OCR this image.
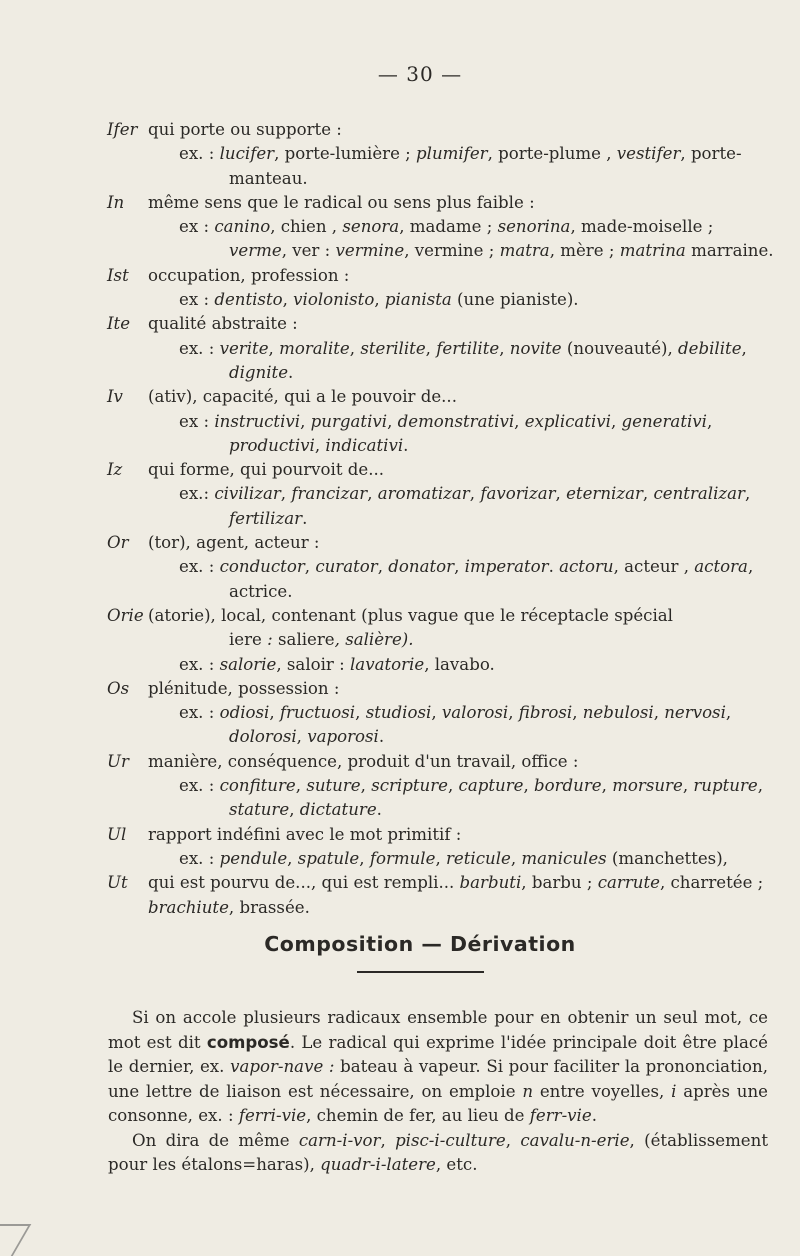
— 30 —
Ifer qui porte ou supporte :
ex. : lucifer, porte-lumière ; plumifer, porte-plume , vestifer, porte-manteau.
In	même sens que le radical ou sens plus faible :
ex : canino, chien , senora, madame ; senorina, made-moiselle ; verme, ver : vermine, vermine ; matra, mère ; matrina marraine.
Ist	occupation, profession :
ex : dentisto, violonisto, pianista (une pianiste).
Ite	qualité abstraite :
ex. : verite, moralite, sterilite, fertilite, novite (nouveauté), debilite, dignite.
Iv	(ativ), capacité, qui a le pouvoir de...
ex : instructivi, purgativi, demonstrativi, explicativi, generativi, productivi, indicativi.
Iz	qui forme, qui pourvoit de...
ex.: civilizar, francizar, aromatizar, favorizar, eternizar, centralizar, fertilizar.
Or	(tor), agent, acteur :
ex. : conductor, curator, donator, imperator. actoru, acteur , actora, actrice.
Orie (atorie), local, contenant (plus vague que le réceptacle spécial
iere : saliere, salière).
ex. : salorie, saloir : lavatorie, lavabo.
Os	plénitude, possession :
ex. : odiosi, fructuosi, studiosi, valorosi, fibrosi, nebulosi, nervosi, dolorosi, vaporosi.
Ur	manière, conséquence, produit d'un travail, office :
ex. : confiture, suture, scripture, capture, bordure, morsure, rupture, stature, dictature.
Ul	rapport indéfini avec le mot primitif :
ex. : pendule, spatule, formule, reticule, manicules (manchettes),
Ut	qui est pourvu de..., qui est rempli... barbuti, barbu ; carrute, charretée ; brachiute, brassée.
Composition — Dérivation

Si on accole plusieurs radicaux ensemble pour en obtenir un seul mot, ce mot est dit composé. Le radical qui exprime l'idée principale doit être placé le dernier, ex. vapor-nave : bateau à vapeur. Si pour faciliter la prononciation, une lettre de liaison est nécessaire, on emploie n entre voyelles, i après une consonne, ex. : ferri-vie, chemin de fer, au lieu de ferr-vie.

On dira de même carn-i-vor, pisc-i-culture, cavalu-n-erie, (établissement pour les étalons=haras), quadr-i-latere, etc.
